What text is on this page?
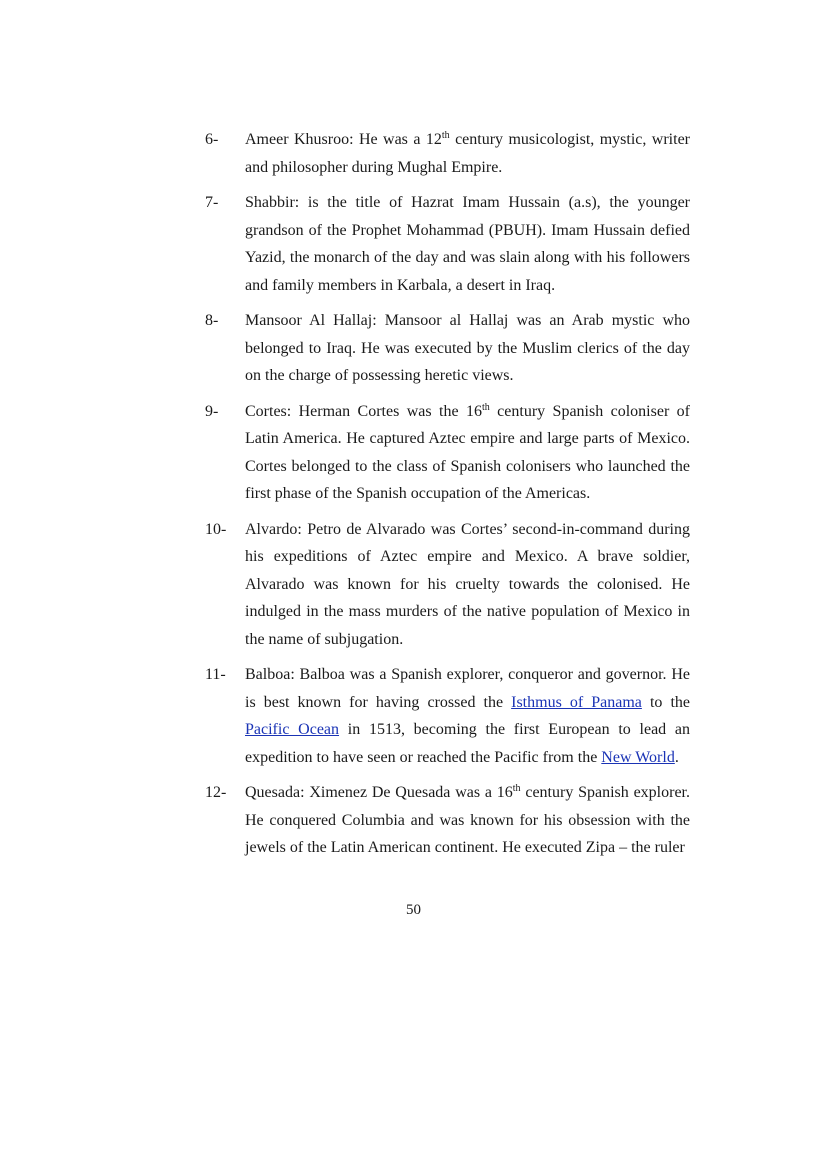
6-	Ameer Khusroo: He was a 12th century musicologist, mystic, writer and philosopher during Mughal Empire.
7-	Shabbir: is the title of Hazrat Imam Hussain (a.s), the younger grandson of the Prophet Mohammad (PBUH). Imam Hussain defied Yazid, the monarch of the day and was slain along with his followers and family members in Karbala, a desert in Iraq.
8-	Mansoor Al Hallaj: Mansoor al Hallaj was an Arab mystic who belonged to Iraq. He was executed by the Muslim clerics of the day on the charge of possessing heretic views.
9-	Cortes: Herman Cortes was the 16th century Spanish coloniser of Latin America. He captured Aztec empire and large parts of Mexico. Cortes belonged to the class of Spanish colonisers who launched the first phase of the Spanish occupation of the Americas.
10-	Alvardo: Petro de Alvarado was Cortes’ second-in-command during his expeditions of Aztec empire and Mexico. A brave soldier, Alvarado was known for his cruelty towards the colonised. He indulged in the mass murders of the native population of Mexico in the name of subjugation.
11-	Balboa: Balboa was a Spanish explorer, conqueror and governor. He is best known for having crossed the Isthmus of Panama to the Pacific Ocean in 1513, becoming the first European to lead an expedition to have seen or reached the Pacific from the New World.
12-	Quesada: Ximenez De Quesada was a 16th century Spanish explorer. He conquered Columbia and was known for his obsession with the jewels of the Latin American continent. He executed Zipa – the ruler
50
